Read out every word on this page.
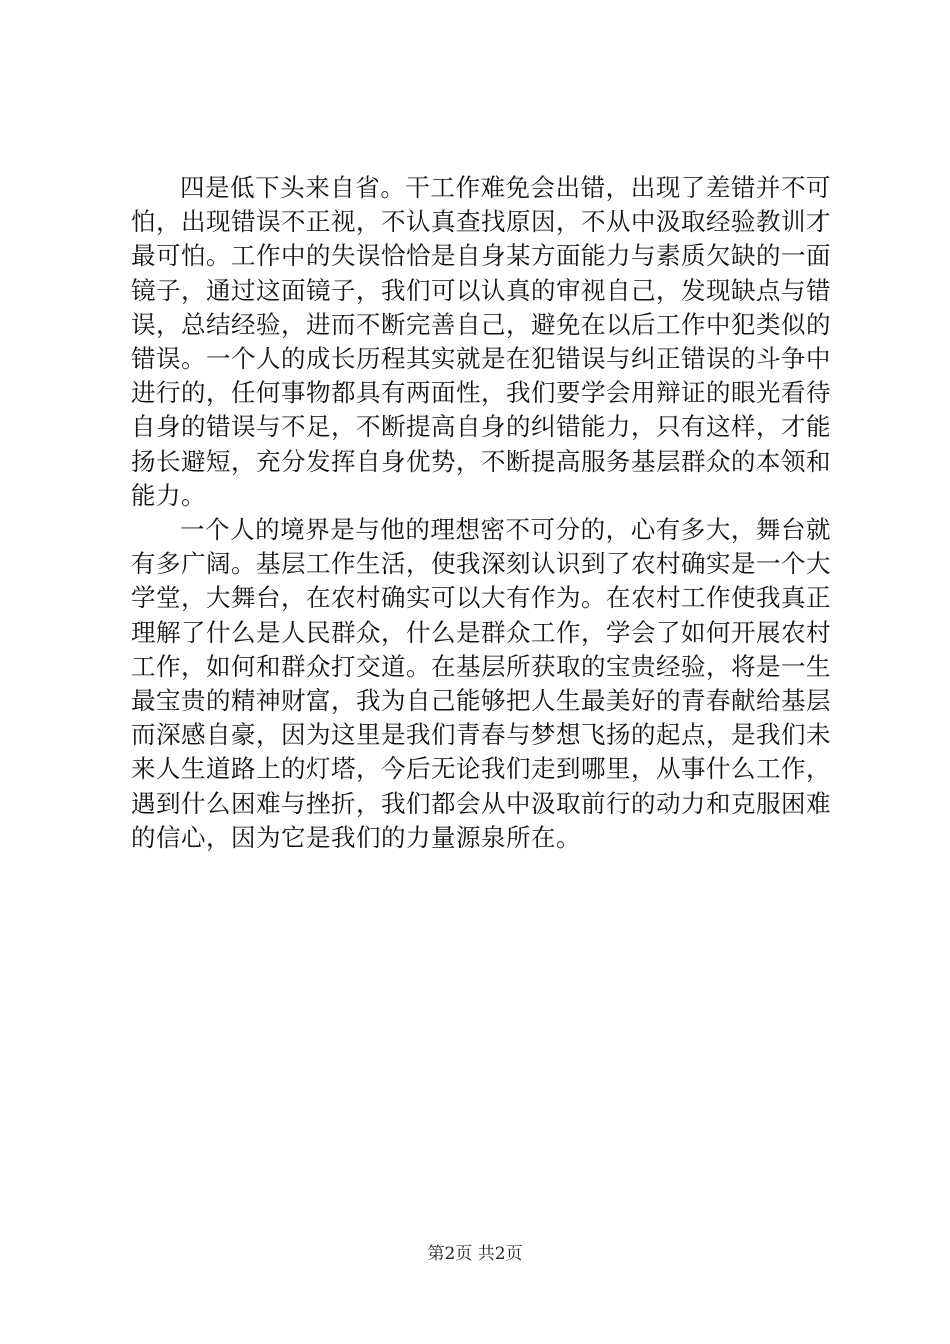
四是低下头来自省。干工作难免会出错，出现了差错并不可怕，出现错误不正视，不认真查找原因，不从中汲取经验教训才最可怕。工作中的失误恰恰是自身某方面能力与素质欠缺的一面镜子，通过这面镜子，我们可以认真的审视自己，发现缺点与错误，总结经验，进而不断完善自己，避免在以后工作中犯类似的错误。一个人的成长历程其实就是在犯错误与纠正错误的斗争中进行的，任何事物都具有两面性，我们要学会用辩证的眼光看待自身的错误与不足，不断提高自身的纠错能力，只有这样，才能扬长避短，充分发挥自身优势，不断提高服务基层群众的本领和能力。

一个人的境界是与他的理想密不可分的，心有多大，舞台就有多广阔。基层工作生活，使我深刻认识到了农村确实是一个大学堂，大舞台，在农村确实可以大有作为。在农村工作使我真正理解了什么是人民群众，什么是群众工作，学会了如何开展农村工作，如何和群众打交道。在基层所获取的宝贵经验，将是一生最宝贵的精神财富，我为自己能够把人生最美好的青春献给基层而深感自豪，因为这里是我们青春与梦想飞扬的起点，是我们未来人生道路上的灯塔，今后无论我们走到哪里，从事什么工作，遇到什么困难与挫折，我们都会从中汲取前行的动力和克服困难的信心，因为它是我们的力量源泉所在。

第2页 共2页
